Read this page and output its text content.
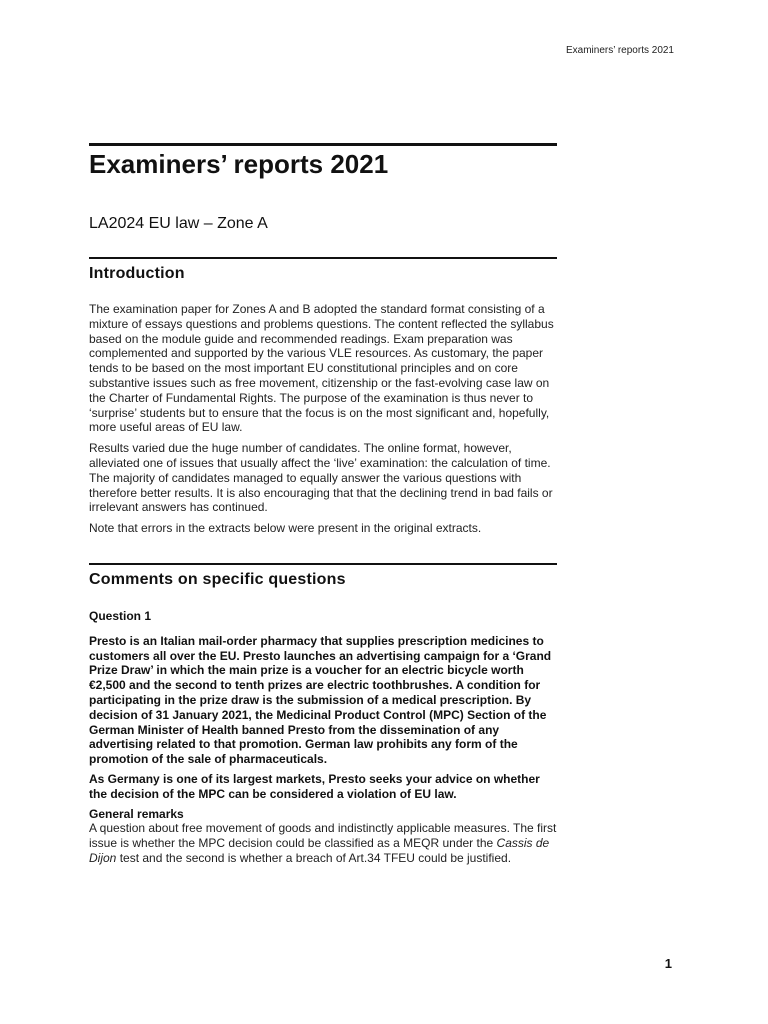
Examiners’ reports 2021
Examiners’ reports 2021
LA2024 EU law – Zone A
Introduction

The examination paper for Zones A and B adopted the standard format consisting of a mixture of essays questions and problems questions. The content reflected the syllabus based on the module guide and recommended readings. Exam preparation was complemented and supported by the various VLE resources. As customary, the paper tends to be based on the most important EU constitutional principles and on core substantive issues such as free movement, citizenship or the fast-evolving case law on the Charter of Fundamental Rights. The purpose of the examination is thus never to ‘surprise’ students but to ensure that the focus is on the most significant and, hopefully, more useful areas of EU law.

Results varied due the huge number of candidates. The online format, however, alleviated one of issues that usually affect the ‘live’ examination: the calculation of time. The majority of candidates managed to equally answer the various questions with therefore better results. It is also encouraging that that the declining trend in bad fails or irrelevant answers has continued.

Note that errors in the extracts below were present in the original extracts.

Comments on specific questions

Question 1

Presto is an Italian mail-order pharmacy that supplies prescription medicines to customers all over the EU. Presto launches an advertising campaign for a ‘Grand Prize Draw’ in which the main prize is a voucher for an electric bicycle worth €2,500 and the second to tenth prizes are electric toothbrushes. A condition for participating in the prize draw is the submission of a medical prescription. By decision of 31 January 2021, the Medicinal Product Control (MPC) Section of the German Minister of Health banned Presto from the dissemination of any advertising related to that promotion. German law prohibits any form of the promotion of the sale of pharmaceuticals.

As Germany is one of its largest markets, Presto seeks your advice on whether the decision of the MPC can be considered a violation of EU law.

General remarks

A question about free movement of goods and indistinctly applicable measures. The first issue is whether the MPC decision could be classified as a MEQR under the Cassis de Dijon test and the second is whether a breach of Art.34 TFEU could be justified.

1
